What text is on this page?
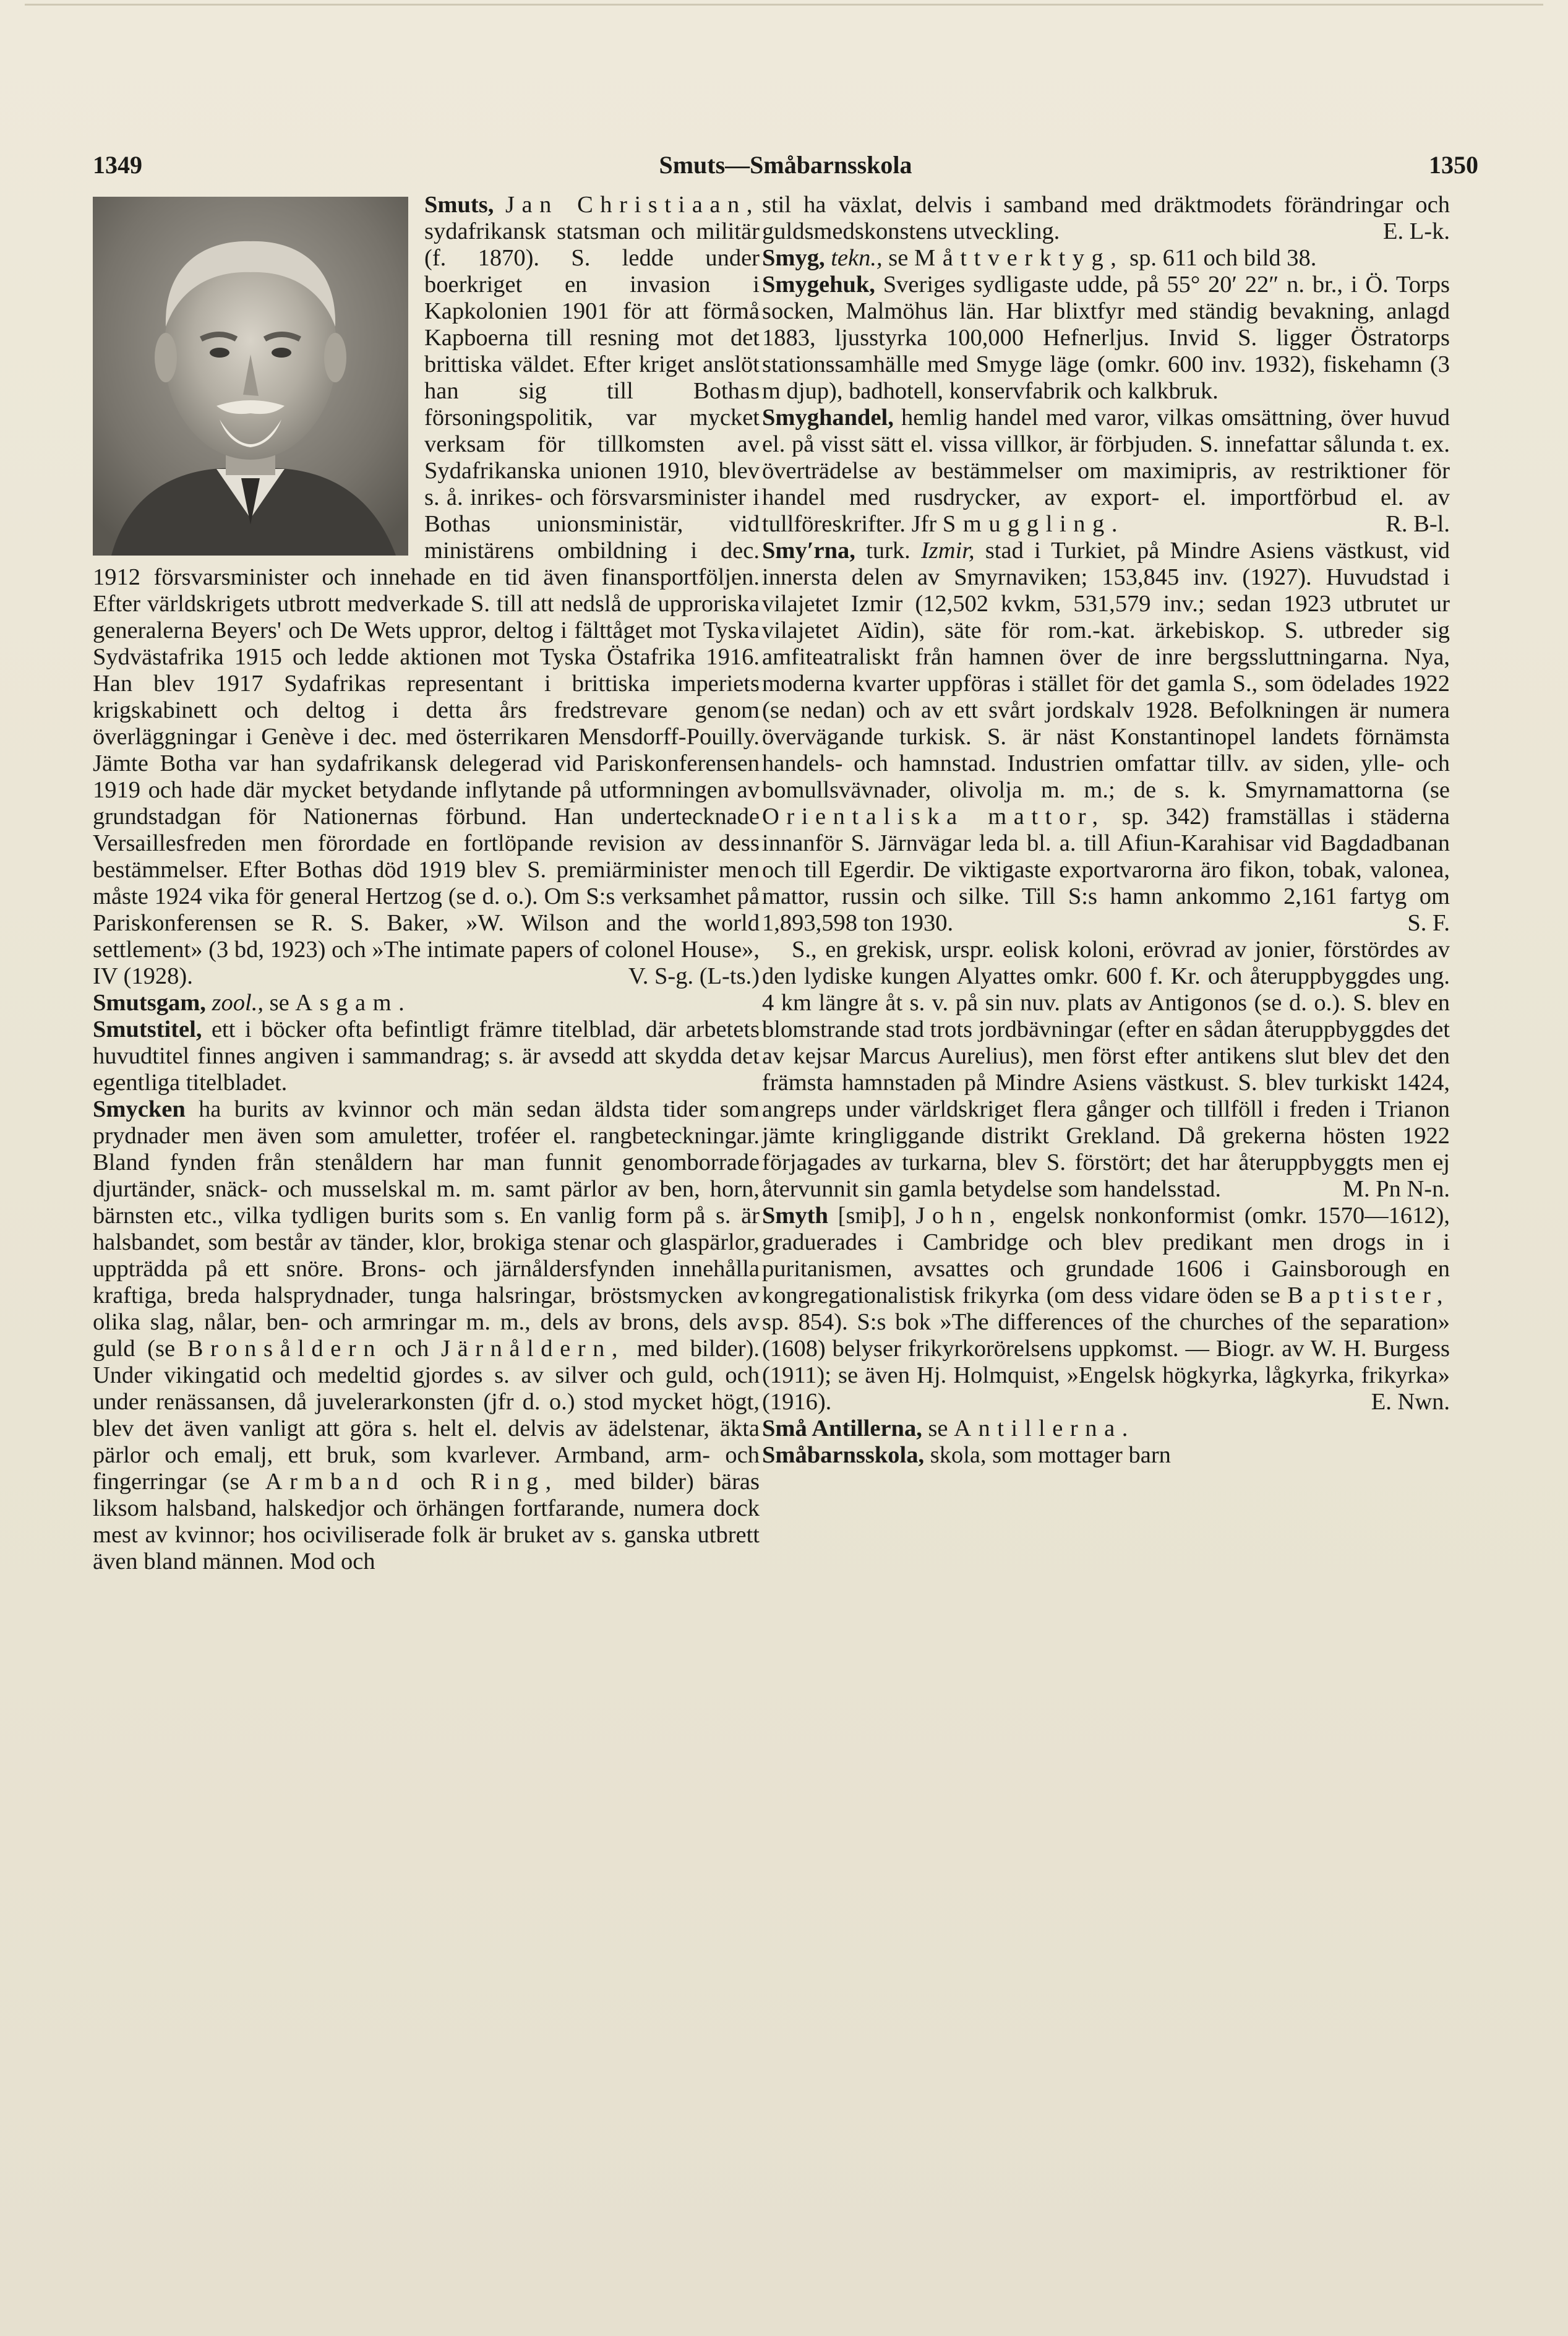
1349	Smuts—Småbarnsskola	1350

Smuts, Jan Christiaan, sydafrikansk statsman och militär (f. 1870). S. ledde under boerkriget en invasion i Kapkolonien 1901 för att förmå Kapboerna till resning mot det brittiska väldet. Efter kriget anslöt han sig till Bothas försoningspolitik, var mycket verksam för tillkomsten av Sydafrikanska unionen 1910, blev s. å. inrikes- och försvarsminister i Bothas unionsministär, vid ministärens ombildning i dec. 1912 försvarsminister och innehade en tid även finansportföljen. Efter världskrigets utbrott medverkade S. till att nedslå de upproriska generalerna Beyers' och De Wets uppror, deltog i fälttåget mot Tyska Sydvästafrika 1915 och ledde aktionen mot Tyska Östafrika 1916. Han blev 1917 Sydafrikas representant i brittiska imperiets krigskabinett och deltog i detta års fredstrevare genom överläggningar i Genève i dec. med österrikaren Mensdorff-Pouilly. Jämte Botha var han sydafrikansk delegerad vid Pariskonferensen 1919 och hade där mycket betydande inflytande på utformningen av grundstadgan för Nationernas förbund. Han undertecknade Versaillesfreden men förordade en fortlöpande revision av dess bestämmelser. Efter Bothas död 1919 blev S. premiärminister men måste 1924 vika för general Hertzog (se d. o.). Om S:s verksamhet på Pariskonferensen se R. S. Baker, »W. Wilson and the world settlement» (3 bd, 1923) och »The intimate papers of colonel House», IV (1928).	V. S-g. (L-ts.)

Smutsgam, zool., se Asgam.

Smutstitel, ett i böcker ofta befintligt främre titelblad, där arbetets huvudtitel finnes angiven i sammandrag; s. är avsedd att skydda det egentliga titelbladet.

Smycken ha burits av kvinnor och män sedan äldsta tider som prydnader men även som amuletter, troféer el. rangbeteckningar. Bland fynden från stenåldern har man funnit genomborrade djurtänder, snäck- och musselskal m. m. samt pärlor av ben, horn, bärnsten etc., vilka tydligen burits som s. En vanlig form på s. är halsbandet, som består av tänder, klor, brokiga stenar och glaspärlor, uppträdda på ett snöre. Brons- och järnåldersfynden innehålla kraftiga, breda halsprydnader, tunga halsringar, bröstsmycken av olika slag, nålar, ben- och armringar m. m., dels av brons, dels av guld (se Bronsåldern och Järnåldern, med bilder). Under vikingatid och medeltid gjordes s. av silver och guld, och under renässansen, då juvelerarkonsten (jfr d. o.) stod mycket högt, blev det även vanligt att göra s. helt el. delvis av ädelstenar, äkta pärlor och emalj, ett bruk, som kvarlever. Armband, arm- och fingerringar (se Armband och Ring, med bilder) bäras liksom halsband, halskedjor och örhängen fortfarande, numera dock mest av kvinnor; hos ociviliserade folk är bruket av s. ganska utbrett även bland männen. Mod och

stil ha växlat, delvis i samband med dräktmodets förändringar och guldsmedskonstens utveckling.	E. L-k.

Smyg, tekn., se Måttverktyg, sp. 611 och bild 38.

Smygehuk, Sveriges sydligaste udde, på 55° 20′ 22″ n. br., i Ö. Torps socken, Malmöhus län. Har blixtfyr med ständig bevakning, anlagd 1883, ljusstyrka 100,000 Hefnerljus. Invid S. ligger Östratorps stationssamhälle med Smyge läge (omkr. 600 inv. 1932), fiskehamn (3 m djup), badhotell, konservfabrik och kalkbruk.

Smyghandel, hemlig handel med varor, vilkas omsättning, över huvud el. på visst sätt el. vissa villkor, är förbjuden. S. innefattar sålunda t. ex. överträdelse av bestämmelser om maximipris, av restriktioner för handel med rusdrycker, av export- el. importförbud el. av tullföreskrifter. Jfr Smuggling.	R. B-l.

Smy′rna, turk. Izmir, stad i Turkiet, på Mindre Asiens västkust, vid innersta delen av Smyrnaviken; 153,845 inv. (1927). Huvudstad i vilajetet Izmir (12,502 kvkm, 531,579 inv.; sedan 1923 utbrutet ur vilajetet Aïdin), säte för rom.-kat. ärkebiskop. S. utbreder sig amfiteatraliskt från hamnen över de inre bergssluttningarna. Nya, moderna kvarter uppföras i stället för det gamla S., som ödelades 1922 (se nedan) och av ett svårt jordskalv 1928. Befolkningen är numera övervägande turkisk. S. är näst Konstantinopel landets förnämsta handels- och hamnstad. Industrien omfattar tillv. av siden, ylle- och bomullsvävnader, olivolja m. m.; de s. k. Smyrnamattorna (se Orientaliska mattor, sp. 342) framställas i städerna innanför S. Järnvägar leda bl. a. till Afiun-Karahisar vid Bagdadbanan och till Egerdir. De viktigaste exportvarorna äro fikon, tobak, valonea, mattor, russin och silke. Till S:s hamn ankommo 2,161 fartyg om 1,893,598 ton 1930.	S. F.

S., en grekisk, urspr. eolisk koloni, erövrad av jonier, förstördes av den lydiske kungen Alyattes omkr. 600 f. Kr. och återuppbyggdes ung. 4 km längre åt s. v. på sin nuv. plats av Antigonos (se d. o.). S. blev en blomstrande stad trots jordbävningar (efter en sådan återuppbyggdes det av kejsar Marcus Aurelius), men först efter antikens slut blev det den främsta hamnstaden på Mindre Asiens västkust. S. blev turkiskt 1424, angreps under världskriget flera gånger och tillföll i freden i Trianon jämte kringliggande distrikt Grekland. Då grekerna hösten 1922 förjagades av turkarna, blev S. förstört; det har återuppbyggts men ej återvunnit sin gamla betydelse som handelsstad.	M. Pn N-n.

Smyth [smiþ], John, engelsk nonkonformist (omkr. 1570—1612), graduerades i Cambridge och blev predikant men drogs in i puritanismen, avsattes och grundade 1606 i Gainsborough en kongregationalistisk frikyrka (om dess vidare öden se Baptister, sp. 854). S:s bok »The differences of the churches of the separation» (1608) belyser frikyrkorörelsens uppkomst. — Biogr. av W. H. Burgess (1911); se även Hj. Holmquist, »Engelsk högkyrka, lågkyrka, frikyrka» (1916).	E. Nwn.

Små Antillerna, se Antillerna.

Småbarnsskola, skola, som mottager barn
